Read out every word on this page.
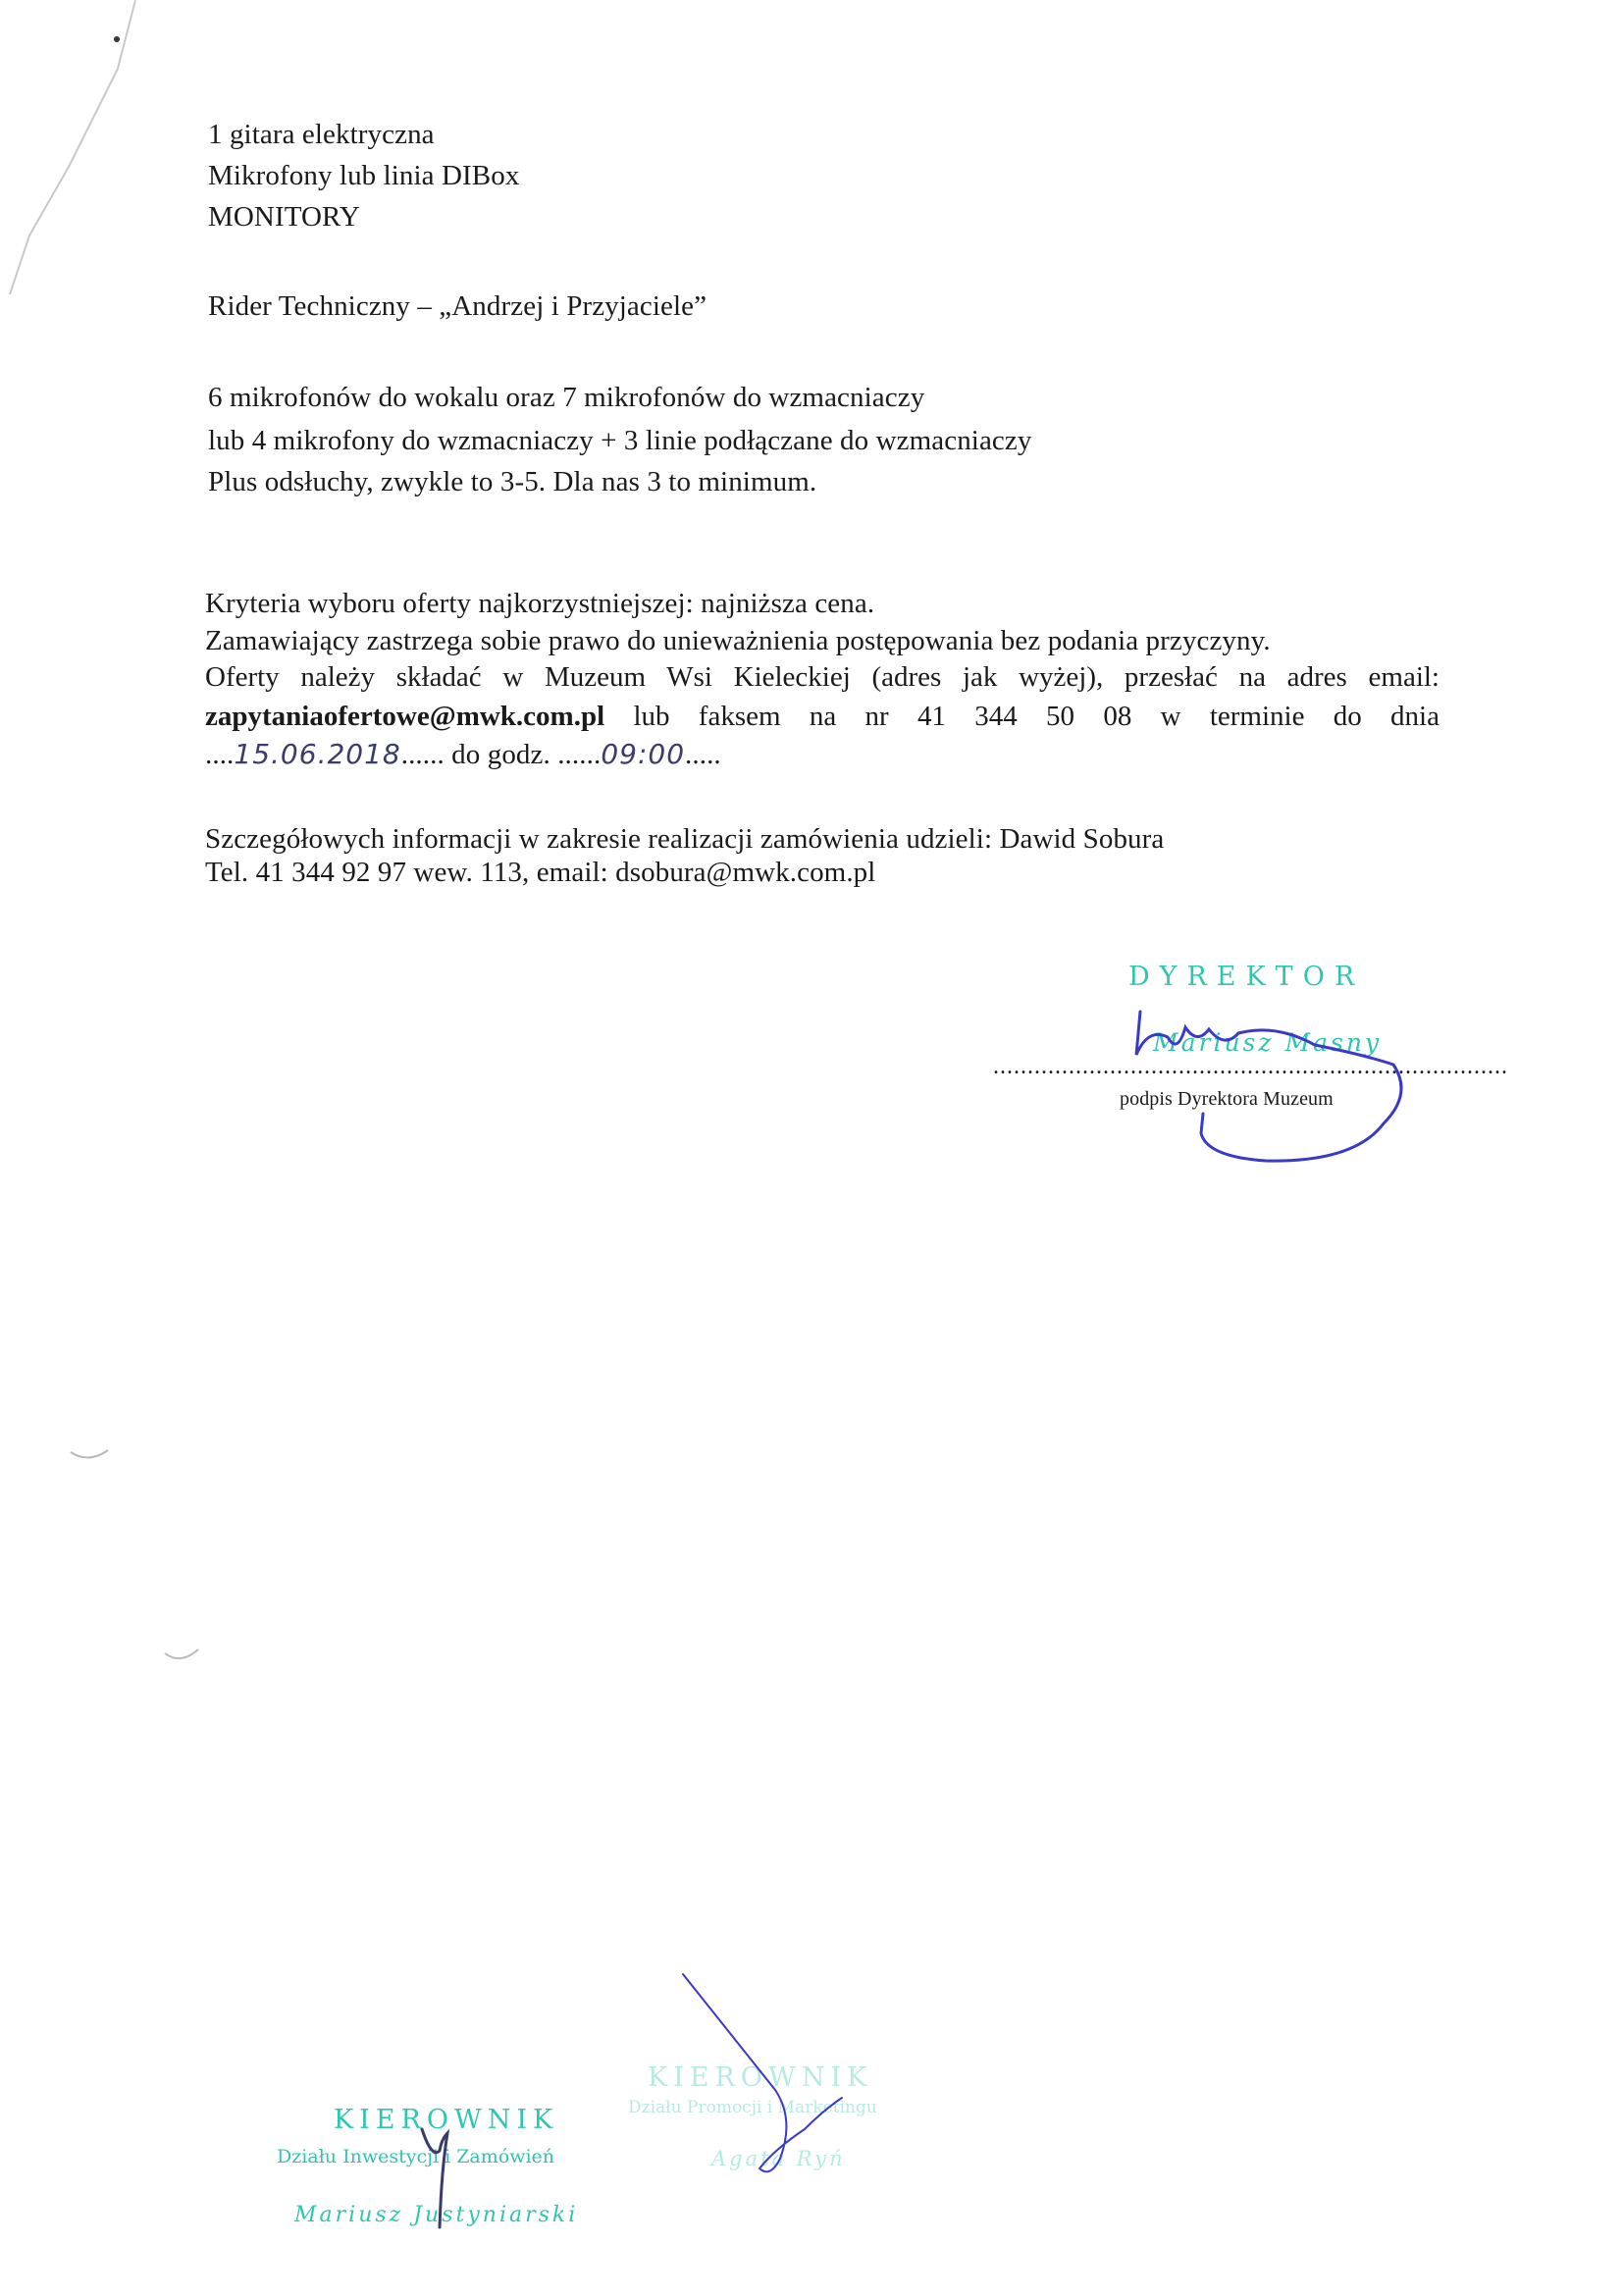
1 gitara elektryczna
Mikrofony lub linia DIBox
MONITORY
Rider Techniczny – „Andrzej i Przyjaciele”
6 mikrofonów do wokalu oraz 7 mikrofonów do wzmacniaczy
lub 4 mikrofony do wzmacniaczy + 3 linie podłączane do wzmacniaczy
Plus odsłuchy, zwykle to 3-5. Dla nas 3 to minimum.
Kryteria wyboru oferty najkorzystniejszej: najniższa cena.
Zamawiający zastrzega sobie prawo do unieważnienia postępowania bez podania przyczyny.
Oferty należy składać w Muzeum Wsi Kieleckiej (adres jak wyżej), przesłać na adres email:
zapytaniaofertowe@mwk.com.pl lub faksem na nr 41 344 50 08 w terminie do dnia
....15.06.2018...... do godz. ......09:00.....
Szczegółowych informacji w zakresie realizacji zamówienia udzieli: Dawid Sobura
Tel. 41 344 92 97 wew. 113, email: dsobura@mwk.com.pl
DYREKTOR
Mariusz Masny
...........................................................................
podpis Dyrektora Muzeum
KIEROWNIK
Działu Inwestycji i Zamówień
Mariusz Justyniarski
KIEROWNIK
Działu Promocji i Marketingu
Agata Ryń
